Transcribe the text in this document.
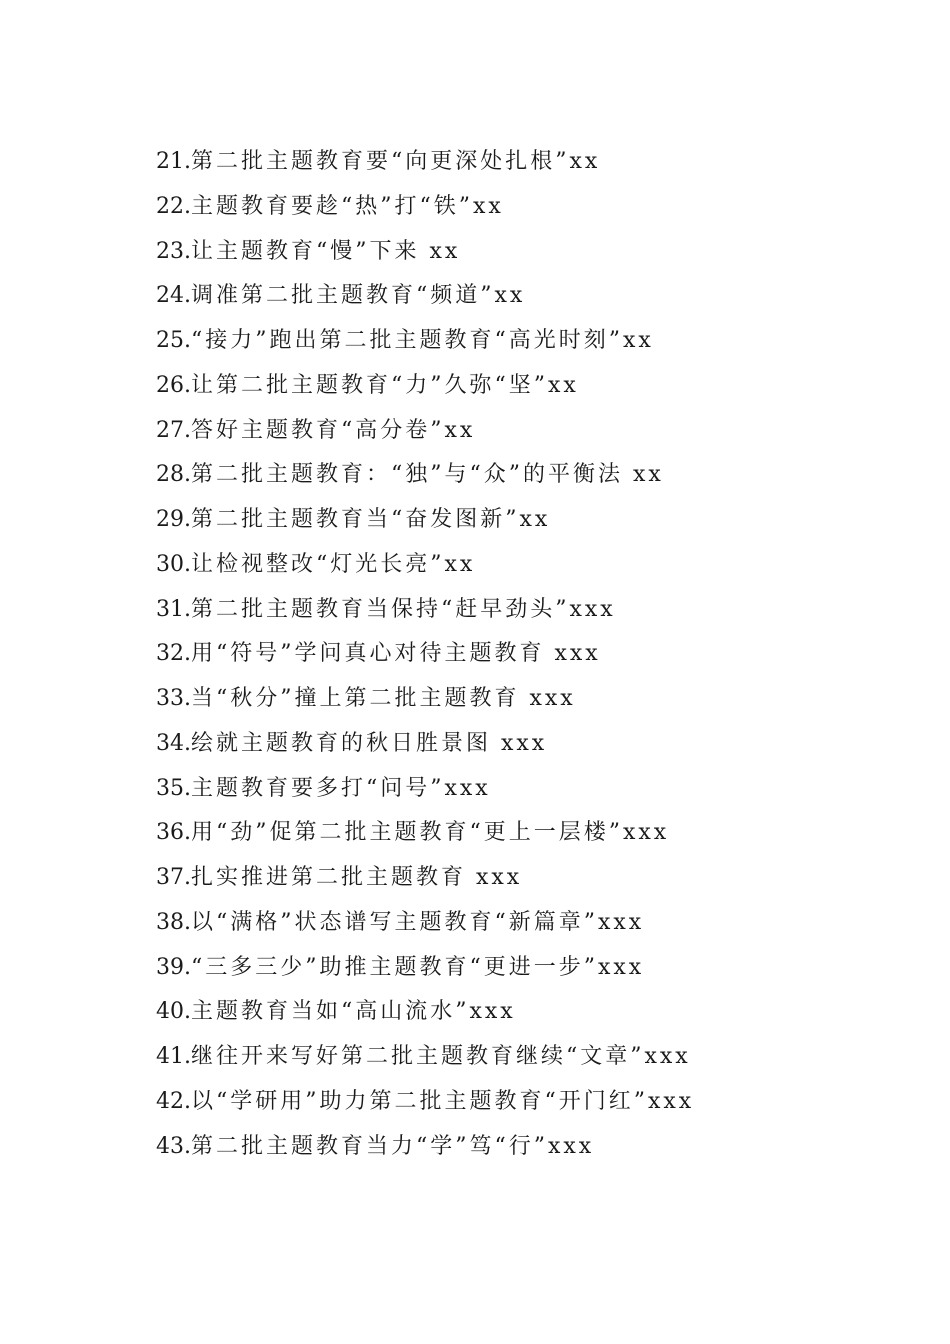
21.第二批主题教育要“向更深处扎根”xx
22.主题教育要趁“热”打“铁”xx
23.让主题教育“慢”下来 xx
24.调准第二批主题教育“频道”xx
25.“接力”跑出第二批主题教育“高光时刻”xx
26.让第二批主题教育“力”久弥“坚”xx
27.答好主题教育“高分卷”xx
28.第二批主题教育：“独”与“众”的平衡法 xx
29.第二批主题教育当“奋发图新”xx
30.让检视整改“灯光长亮”xx
31.第二批主题教育当保持“赶早劲头”xxx
32.用“符号”学问真心对待主题教育 xxx
33.当“秋分”撞上第二批主题教育 xxx
34.绘就主题教育的秋日胜景图 xxx
35.主题教育要多打“问号”xxx
36.用“劲”促第二批主题教育“更上一层楼”xxx
37.扎实推进第二批主题教育 xxx
38.以“满格”状态谱写主题教育“新篇章”xxx
39.“三多三少”助推主题教育“更进一步”xxx
40.主题教育当如“高山流水”xxx
41.继往开来写好第二批主题教育继续“文章”xxx
42.以“学研用”助力第二批主题教育“开门红”xxx
43.第二批主题教育当力“学”笃“行”xxx
